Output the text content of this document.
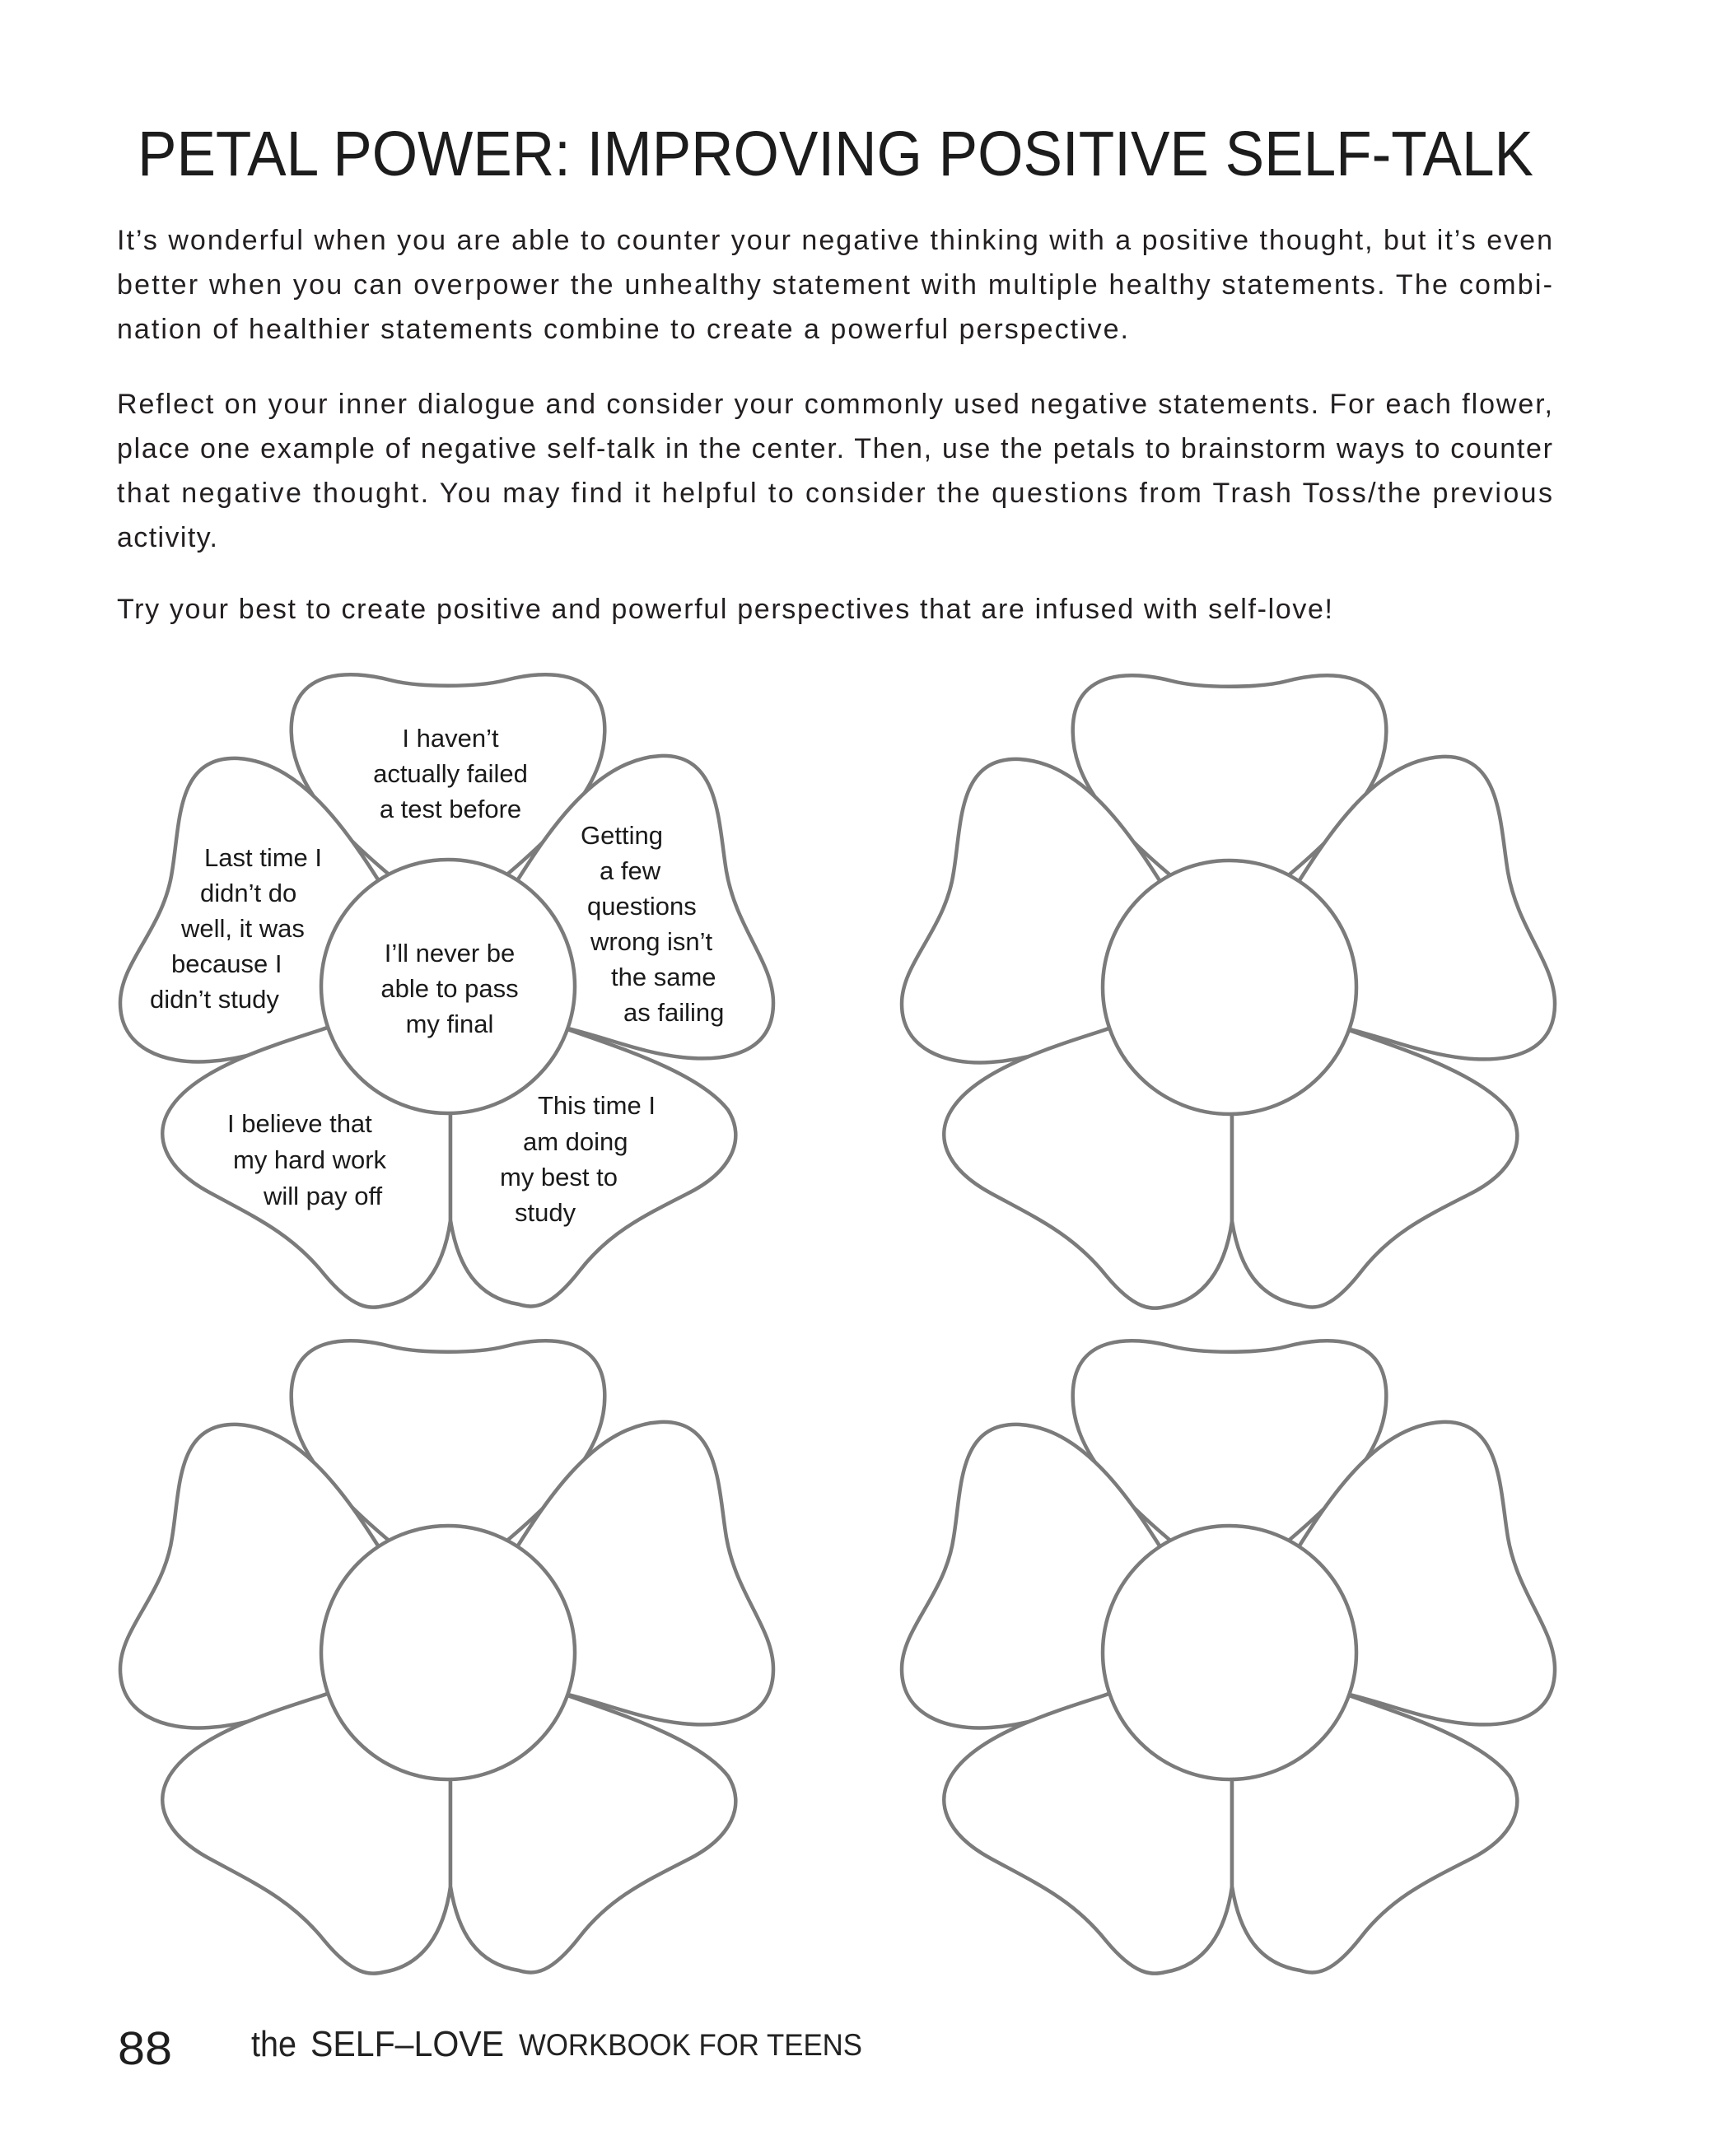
PETAL POWER: IMPROVING POSITIVE SELF-TALK
It’s wonderful when you are able to counter your negative thinking with a positive thought, but it’s even
better when you can overpower the unhealthy statement with multiple healthy statements. The combi-
nation of healthier statements combine to create a powerful perspective.
Reflect on your inner dialogue and consider your commonly used negative statements. For each flower,
place one example of negative self-talk in the center. Then, use the petals to brainstorm ways to counter
that negative thought. You may find it helpful to consider the questions from Trash Toss/the previous
activity.
Try your best to create positive and powerful perspectives that are infused with self-love!
I’ll never be
able to pass
my final
I haven’t
actually failed
a test before
Getting
a few
questions
wrong isn’t
the same
as failing
Last time I
didn’t do
well, it was
because I
didn’t study
I believe that
my hard work
will pay off
This time I
am doing
my best to
study
88 the SELF–LOVE WORKBOOK FOR TEENS
